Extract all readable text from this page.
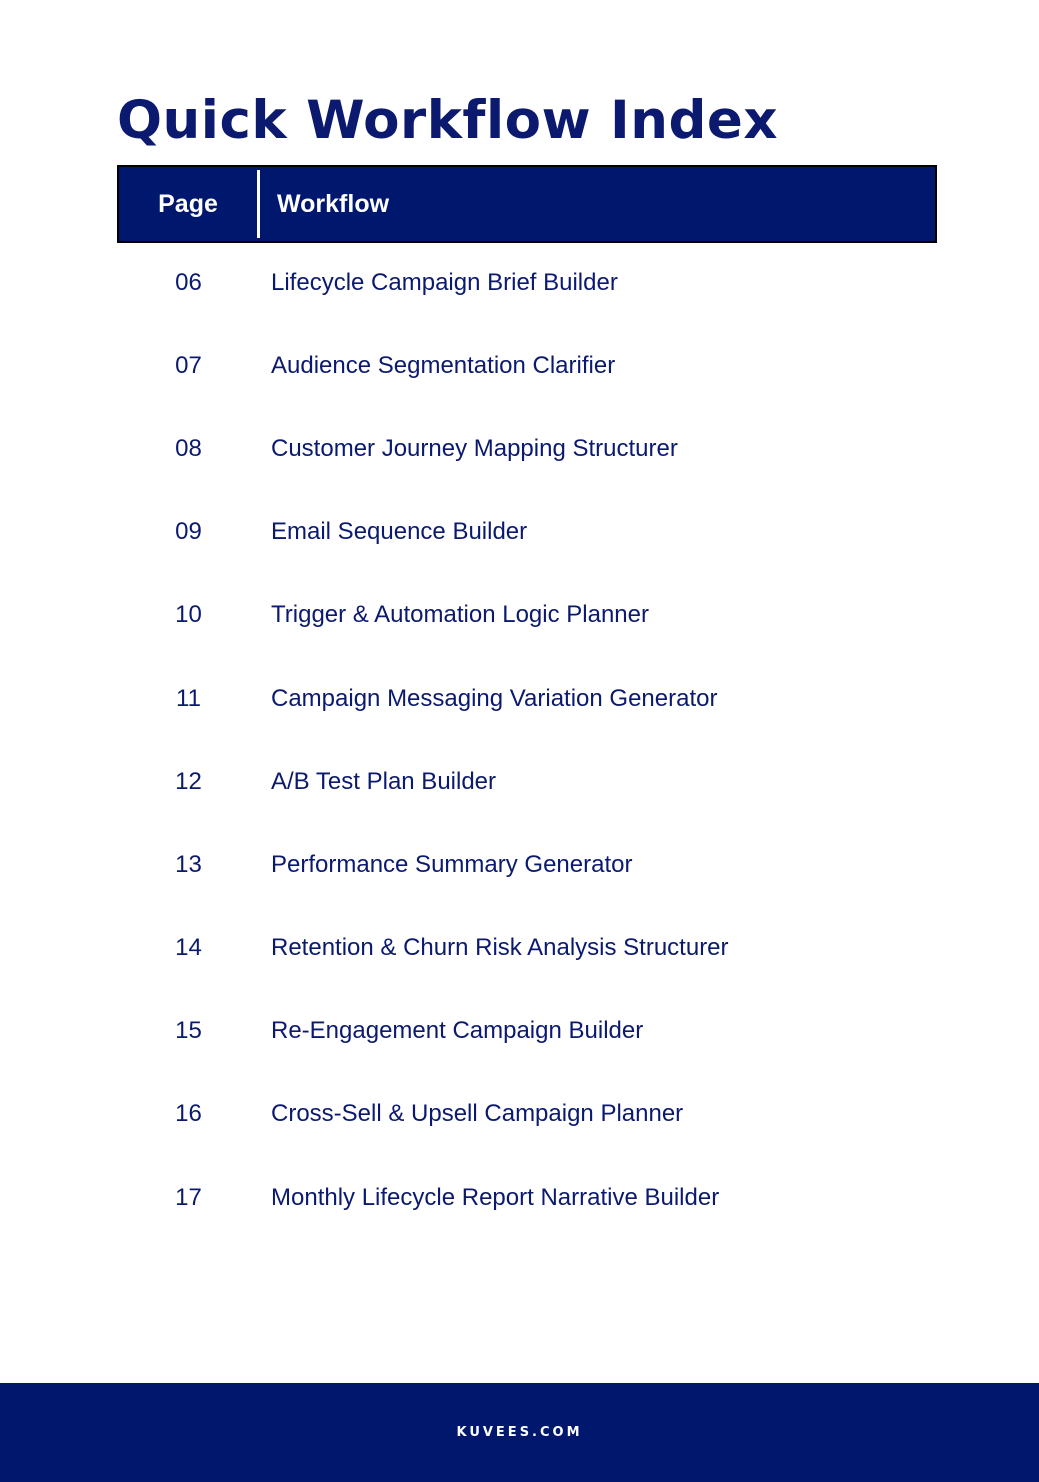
Quick Workflow Index
Page	Workflow
06	Lifecycle Campaign Brief Builder
07	Audience Segmentation Clarifier
08	Customer Journey Mapping Structurer
09	Email Sequence Builder
10	Trigger & Automation Logic Planner
11	Campaign Messaging Variation Generator
12	A/B Test Plan Builder
13	Performance Summary Generator
14	Retention & Churn Risk Analysis Structurer
15	Re-Engagement Campaign Builder
16	Cross-Sell & Upsell Campaign Planner
17	Monthly Lifecycle Report Narrative Builder
KUVEES.COM
